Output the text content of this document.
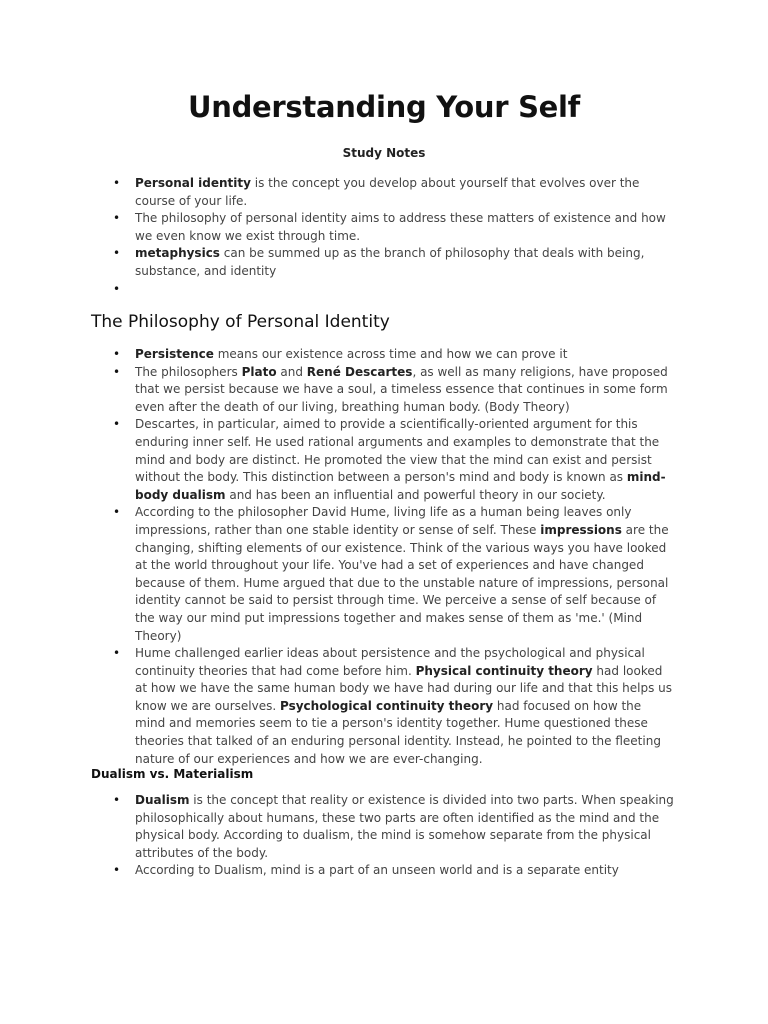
Understanding Your Self
Study Notes
• Personal identity is the concept you develop about yourself that evolves over the course of your life.
• The philosophy of personal identity aims to address these matters of existence and how we even know we exist through time.
• metaphysics can be summed up as the branch of philosophy that deals with being, substance, and identity
•
The Philosophy of Personal Identity
• Persistence means our existence across time and how we can prove it
• The philosophers Plato and René Descartes, as well as many religions, have proposed that we persist because we have a soul, a timeless essence that continues in some form even after the death of our living, breathing human body. (Body Theory)
• Descartes, in particular, aimed to provide a scientifically-oriented argument for this enduring inner self. He used rational arguments and examples to demonstrate that the mind and body are distinct. He promoted the view that the mind can exist and persist without the body. This distinction between a person's mind and body is known as mind-body dualism and has been an influential and powerful theory in our society.
• According to the philosopher David Hume, living life as a human being leaves only impressions, rather than one stable identity or sense of self. These impressions are the changing, shifting elements of our existence. Think of the various ways you have looked at the world throughout your life. You've had a set of experiences and have changed because of them. Hume argued that due to the unstable nature of impressions, personal identity cannot be said to persist through time. We perceive a sense of self because of the way our mind put impressions together and makes sense of them as 'me.' (Mind Theory)
• Hume challenged earlier ideas about persistence and the psychological and physical continuity theories that had come before him. Physical continuity theory had looked at how we have the same human body we have had during our life and that this helps us know we are ourselves. Psychological continuity theory had focused on how the mind and memories seem to tie a person's identity together. Hume questioned these theories that talked of an enduring personal identity. Instead, he pointed to the fleeting nature of our experiences and how we are ever-changing.
Dualism vs. Materialism
• Dualism is the concept that reality or existence is divided into two parts. When speaking philosophically about humans, these two parts are often identified as the mind and the physical body. According to dualism, the mind is somehow separate from the physical attributes of the body.
• According to Dualism, mind is a part of an unseen world and is a separate entity
